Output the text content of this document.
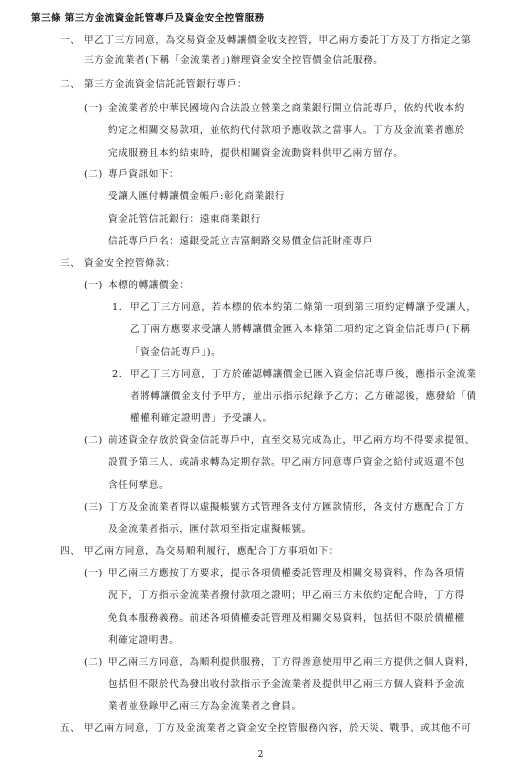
第三條 第三方金流資金託管專戶及資金安全控管服務
一、 甲乙丁三方同意，為交易資金及轉讓價金收支控管，甲乙兩方委託丁方及丁方指定之第
三方金流業者(下稱「金流業者」)辦理資金安全控管價金信託服務。
二、 第三方金流資金信託託管銀行專戶：
(一) 金流業者於中華民國境內合法設立營業之商業銀行開立信託專戶，依約代收本約
約定之相關交易款項，並依約代付款項予應收款之當事人。丁方及金流業者應於
完成服務且本約結束時，提供相關資金流動資料供甲乙兩方留存。
(二) 專戶資訊如下：
受讓人匯付轉讓價金帳戶:彰化商業銀行
資金託管信託銀行：遠東商業銀行
信託專戶戶名：遠銀受託立吉富網路交易價金信託財產專戶
三、 資金安全控管條款：
(一) 本標的轉讓價金：
1. 甲乙丁三方同意，若本標的依本約第二條第一項到第三項約定轉讓予受讓人，
乙丁兩方應要求受讓人將轉讓價金匯入本條第二項約定之資金信託專戶(下稱
「資金信託專戶」)。
2. 甲乙丁三方同意，丁方於確認轉讓價金已匯入資金信託專戶後，應指示金流業
者將轉讓價金支付予甲方，並出示指示紀錄予乙方；乙方確認後，應發給「債
權權利確定證明書」予受讓人。
(二) 前述資金存放於資金信託專戶中，直至交易完成為止，甲乙兩方均不得要求提領、
設質予第三人、或請求轉為定期存款。甲乙兩方同意專戶資金之給付或返還不包
含任何孳息。
(三) 丁方及金流業者得以虛擬帳號方式管理各支付方匯款情形，各支付方應配合丁方
及金流業者指示，匯付款項至指定虛擬帳號。
四、 甲乙兩方同意，為交易順利履行，應配合丁方事項如下：
(一) 甲乙兩三方應按丁方要求，提示各項債權委託管理及相關交易資料，作為各項情
況下，丁方指示金流業者撥付款項之證明；甲乙兩三方未依約定配合時，丁方得
免負本服務義務。前述各項債權委託管理及相關交易資料，包括但不限於債權權
利確定證明書。
(二) 甲乙兩三方同意，為順利提供服務，丁方得善意使用甲乙兩三方提供之個人資料，
包括但不限於代為發出收付款指示予金流業者及提供甲乙兩三方個人資料予金流
業者並登錄甲乙兩三方為金流業者之會員。
五、 甲乙兩方同意，丁方及金流業者之資金安全控管服務內容，於天災、戰爭、或其他不可
2
